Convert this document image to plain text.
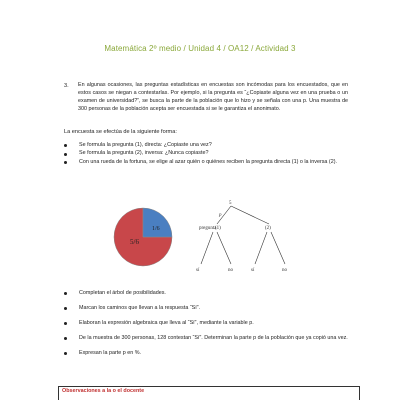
Matemática 2º medio / Unidad 4 / OA12 / Actividad 3
3. En algunas ocasiones, las preguntas estadísticas en encuestas son incómodas para los encuestados, que en estos casos se niegan a contestarlas. Por ejemplo, si la pregunta es “¿Copiaste alguna vez en una prueba o un examen de universidad?”, se busca la parte de la población que lo hizo y se señala con una p. Una muestra de 300 personas de la población acepta ser encuestada si se le garantiza el anonimato.
La encuesta se efectúa de la siguiente forma:
Se formula la pregunta (1), directa: ¿Copiaste una vez?
Se formula la pregunta (2), inversa: ¿Nunca copiaste?
Con una rueda de la fortuna, se elige al azar quién o quiénes reciben la pregunta directa (1) o la inversa (2).
5/6
1/6
5
pregunta
(1)	(2)
p
sí	no	sí	no
Completan el árbol de posibilidades.
Marcan los caminos que llevan a la respuesta “Sí”.
Elaboran la expresión algebraica que lleva al “Sí”, mediante la variable p.
De la muestra de 300 personas, 128 contestan “Sí”. Determinan la parte p de la población que ya copió una vez.
Expresan la parte p en %.
Observaciones a la o el docente
